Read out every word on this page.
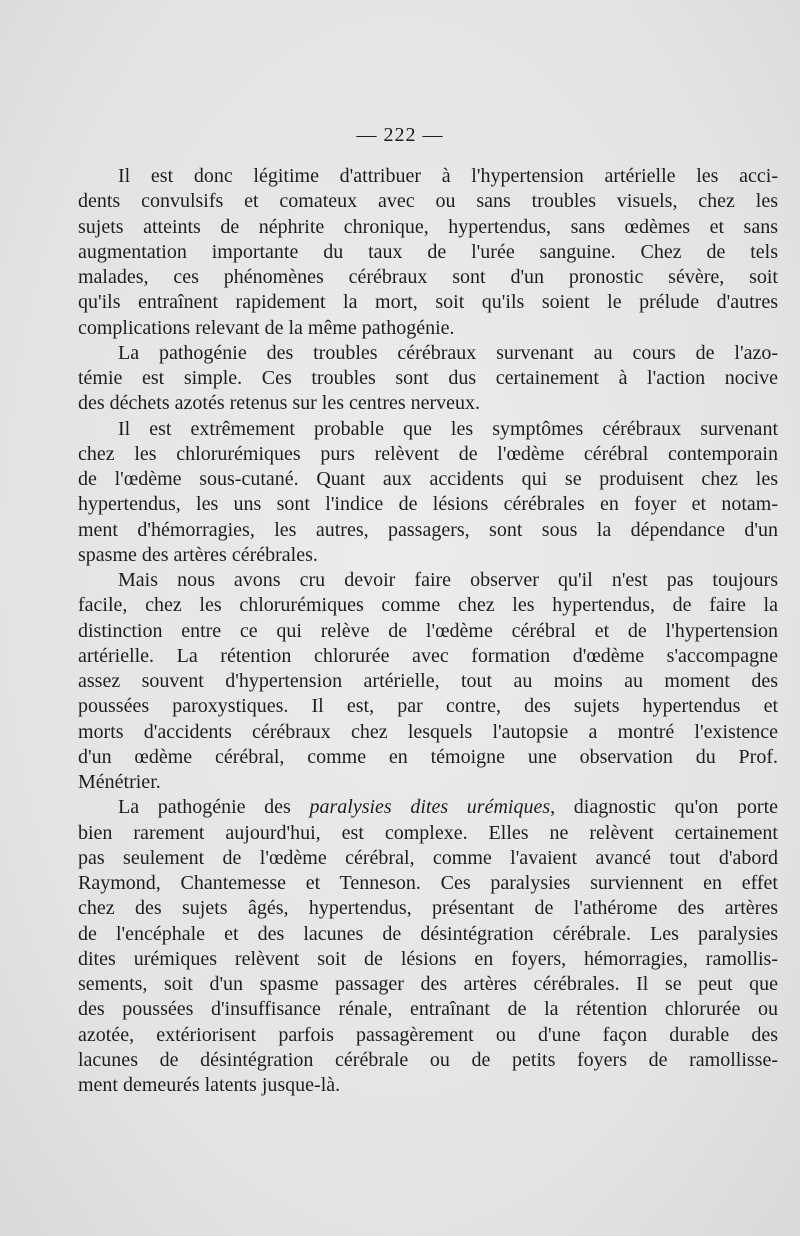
— 222 —
Il est donc légitime d'attribuer à l'hypertension artérielle les acci-
dents convulsifs et comateux avec ou sans troubles visuels, chez les
sujets atteints de néphrite chronique, hypertendus, sans œdèmes et sans
augmentation importante du taux de l'urée sanguine. Chez de tels
malades, ces phénomènes cérébraux sont d'un pronostic sévère, soit
qu'ils entraînent rapidement la mort, soit qu'ils soient le prélude d'autres
complications relevant de la même pathogénie.
La pathogénie des troubles cérébraux survenant au cours de l'azo-
témie est simple. Ces troubles sont dus certainement à l'action nocive
des déchets azotés retenus sur les centres nerveux.
Il est extrêmement probable que les symptômes cérébraux survenant
chez les chlorurémiques purs relèvent de l'œdème cérébral contemporain
de l'œdème sous-cutané. Quant aux accidents qui se produisent chez les
hypertendus, les uns sont l'indice de lésions cérébrales en foyer et notam-
ment d'hémorragies, les autres, passagers, sont sous la dépendance d'un
spasme des artères cérébrales.
Mais nous avons cru devoir faire observer qu'il n'est pas toujours
facile, chez les chlorurémiques comme chez les hypertendus, de faire la
distinction entre ce qui relève de l'œdème cérébral et de l'hypertension
artérielle. La rétention chlorurée avec formation d'œdème s'accompagne
assez souvent d'hypertension artérielle, tout au moins au moment des
poussées paroxystiques. Il est, par contre, des sujets hypertendus et
morts d'accidents cérébraux chez lesquels l'autopsie a montré l'existence
d'un œdème cérébral, comme en témoigne une observation du Prof.
Ménétrier.
La pathogénie des paralysies dites urémiques, diagnostic qu'on porte
bien rarement aujourd'hui, est complexe. Elles ne relèvent certainement
pas seulement de l'œdème cérébral, comme l'avaient avancé tout d'abord
Raymond, Chantemesse et Tenneson. Ces paralysies surviennent en effet
chez des sujets âgés, hypertendus, présentant de l'athérome des artères
de l'encéphale et des lacunes de désintégration cérébrale. Les paralysies
dites urémiques relèvent soit de lésions en foyers, hémorragies, ramollis-
sements, soit d'un spasme passager des artères cérébrales. Il se peut que
des poussées d'insuffisance rénale, entraînant de la rétention chlorurée ou
azotée, extériorisent parfois passagèrement ou d'une façon durable des
lacunes de désintégration cérébrale ou de petits foyers de ramollisse-
ment demeurés latents jusque-là.
